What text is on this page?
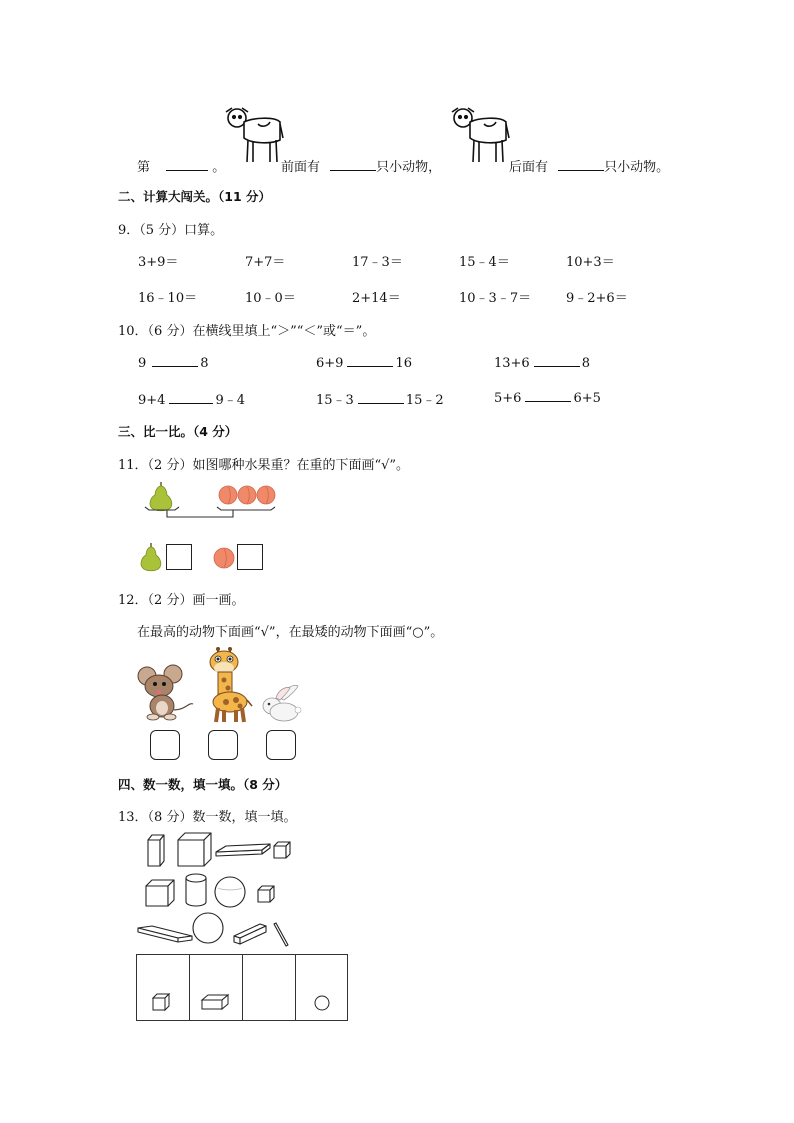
第	。	前面有	只小动物，	后面有	只小动物。
二、计算大闯关。（11 分）
9．（5 分）口算。
3+9＝	7+7＝	17﹣3＝	15﹣4＝	10+3＝
16﹣10＝	10﹣0＝	2+14＝	10﹣3﹣7＝	9﹣2+6＝
10．（6 分）在横线里填上“＞”“＜”或“＝”。
9	8	6+9	16	13+6	8
9+4	9﹣4	15﹣3	15﹣2	5+6	6+5
三、比一比。（4 分）
11．（2 分）如图哪种水果重？在重的下面画“√”。
12．（2 分）画一画。
在最高的动物下面画“√”，在最矮的动物下面画“○”。
四、数一数，填一填。（8 分）
13．（8 分）数一数，填一填。
